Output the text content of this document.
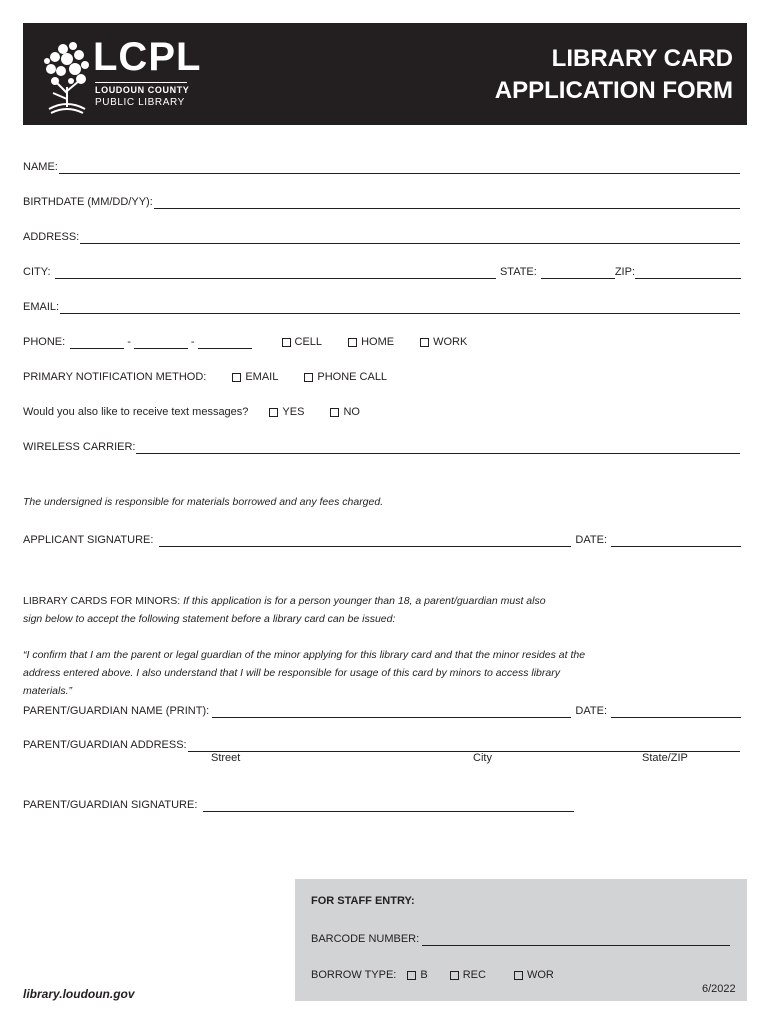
LCPL
LOUDOUN COUNTY
PUBLIC LIBRARY
LIBRARY CARD
APPLICATION FORM
NAME:
BIRTHDATE (MM/DD/YY):
ADDRESS:
CITY:	STATE:	ZIP:
EMAIL:
PHONE:	-	-	CELL	HOME	WORK
PRIMARY NOTIFICATION METHOD:	EMAIL	PHONE CALL
Would you also like to receive text messages?	YES	NO
WIRELESS CARRIER:
The undersigned is responsible for materials borrowed and any fees charged.
APPLICANT SIGNATURE:	DATE:
LIBRARY CARDS FOR MINORS: If this application is for a person younger than 18, a parent/guardian must also sign below to accept the following statement before a library card can be issued:
“I confirm that I am the parent or legal guardian of the minor applying for this library card and that the minor resides at the address entered above. I also understand that I will be responsible for usage of this card by minors to access library materials.”
PARENT/GUARDIAN NAME (PRINT):	DATE:
PARENT/GUARDIAN ADDRESS:
Street	City	State/ZIP
PARENT/GUARDIAN SIGNATURE:
FOR STAFF ENTRY:
BARCODE NUMBER:
BORROW TYPE: B	REC	WOR
library.loudoun.gov	6/2022
